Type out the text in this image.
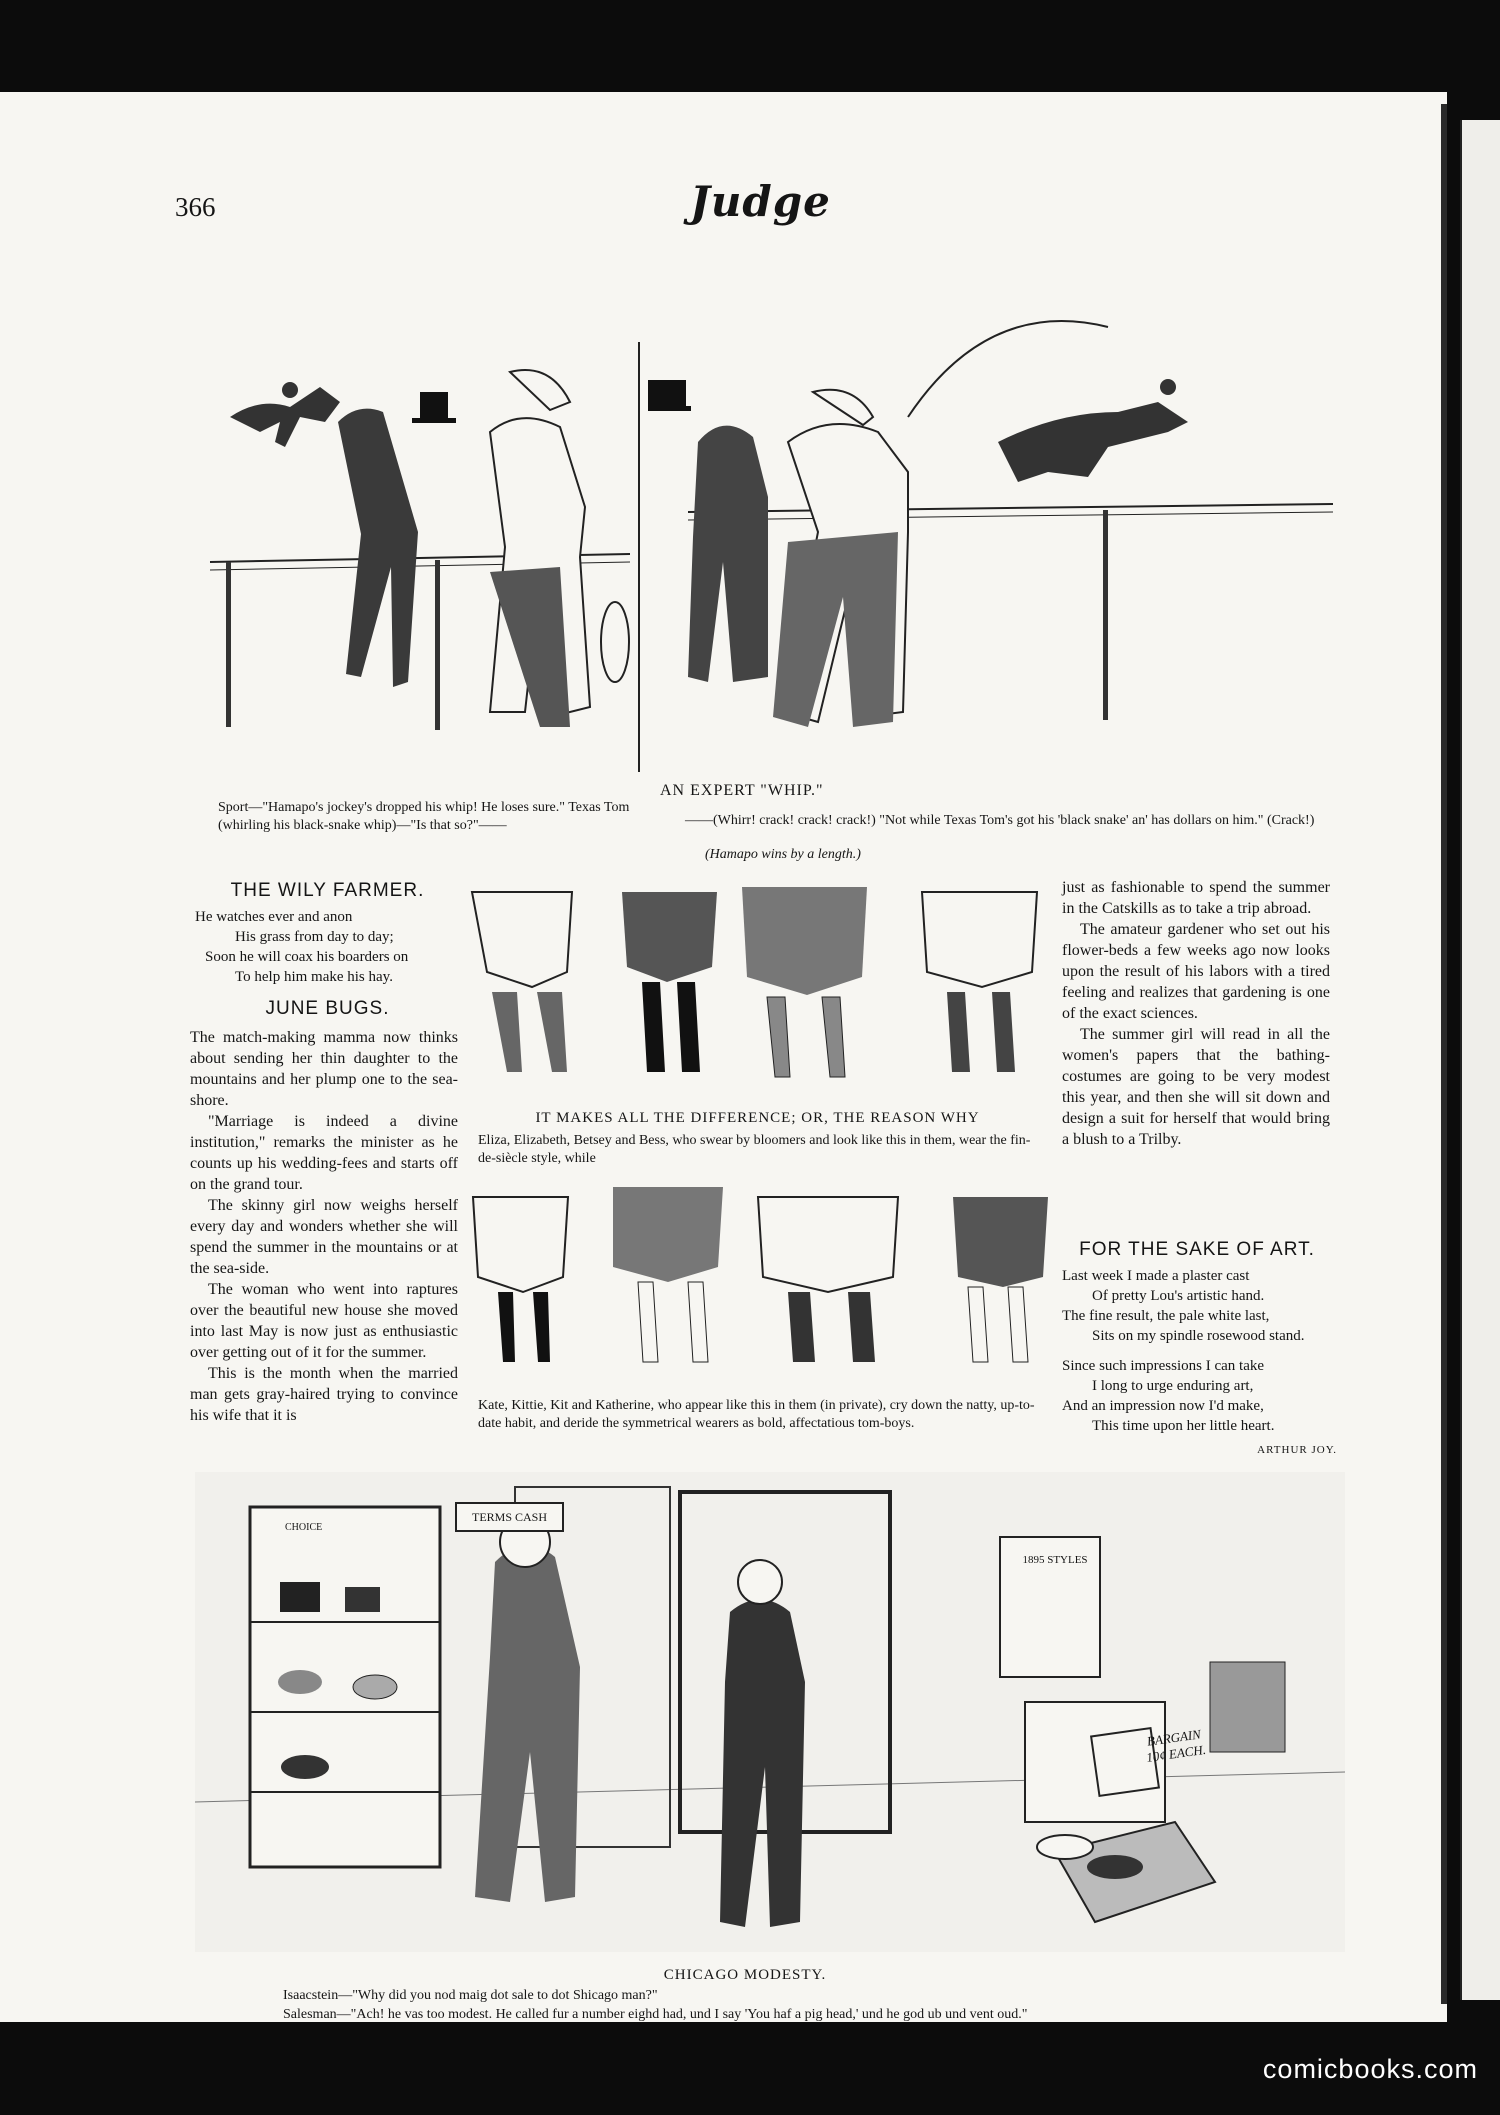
366	Judge
Sport—"Hamapo's jockey's dropped his whip! He loses sure." Texas Tom (whirling his black-snake whip)—"Is that so?"——
AN EXPERT "WHIP."
——(Whirr! crack! crack! crack!) "Not while Texas Tom's got his 'black snake' an' has dollars on him." (Crack!)
(Hamapo wins by a length.)
THE WILY FARMER.
He watches ever and anon
His grass from day to day;
Soon he will coax his boarders on
To help him make his hay.
JUNE BUGS.

The match-making mamma now thinks about sending her thin daughter to the mountains and her plump one to the sea-shore.

"Marriage is indeed a divine institution," remarks the minister as he counts up his wedding-fees and starts off on the grand tour.

The skinny girl now weighs herself every day and wonders whether she will spend the summer in the mountains or at the sea-side.

The woman who went into raptures over the beautiful new house she moved into last May is now just as enthusiastic over getting out of it for the summer.

This is the month when the married man gets gray-haired trying to convince his wife that it is

IT MAKES ALL THE DIFFERENCE; OR, THE REASON WHY
Eliza, Elizabeth, Betsey and Bess, who swear by bloomers and look like this in them, wear the fin-de-siècle style, while
Kate, Kittie, Kit and Katherine, who appear like this in them (in private), cry down the natty, up-to-date habit, and deride the symmetrical wearers as bold, affectatious tom-boys.

just as fashionable to spend the summer in the Catskills as to take a trip abroad.

The amateur gardener who set out his flower-beds a few weeks ago now looks upon the result of his labors with a tired feeling and realizes that gardening is one of the exact sciences.

The summer girl will read in all the women's papers that the bathing-costumes are going to be very modest this year, and then she will sit down and design a suit for herself that would bring a blush to a Trilby.

FOR THE SAKE OF ART.
Last week I made a plaster cast
Of pretty Lou's artistic hand.
The fine result, the pale white last,
Sits on my spindle rosewood stand.
Since such impressions I can take
I long to urge enduring art,
And an impression now I'd make,
This time upon her little heart.
ARTHUR JOY.
TERMS CASH
CHOICE
1895 STYLES
BARGAIN 10¢ EACH.
CHICAGO MODESTY.
Isaacstein—"Why did you nod maig dot sale to dot Shicago man?"
Salesman—"Ach! he vas too modest. He called fur a number eighd had, und I say 'You haf a pig head,' und he god ub und vent oud."
comicbooks.com
